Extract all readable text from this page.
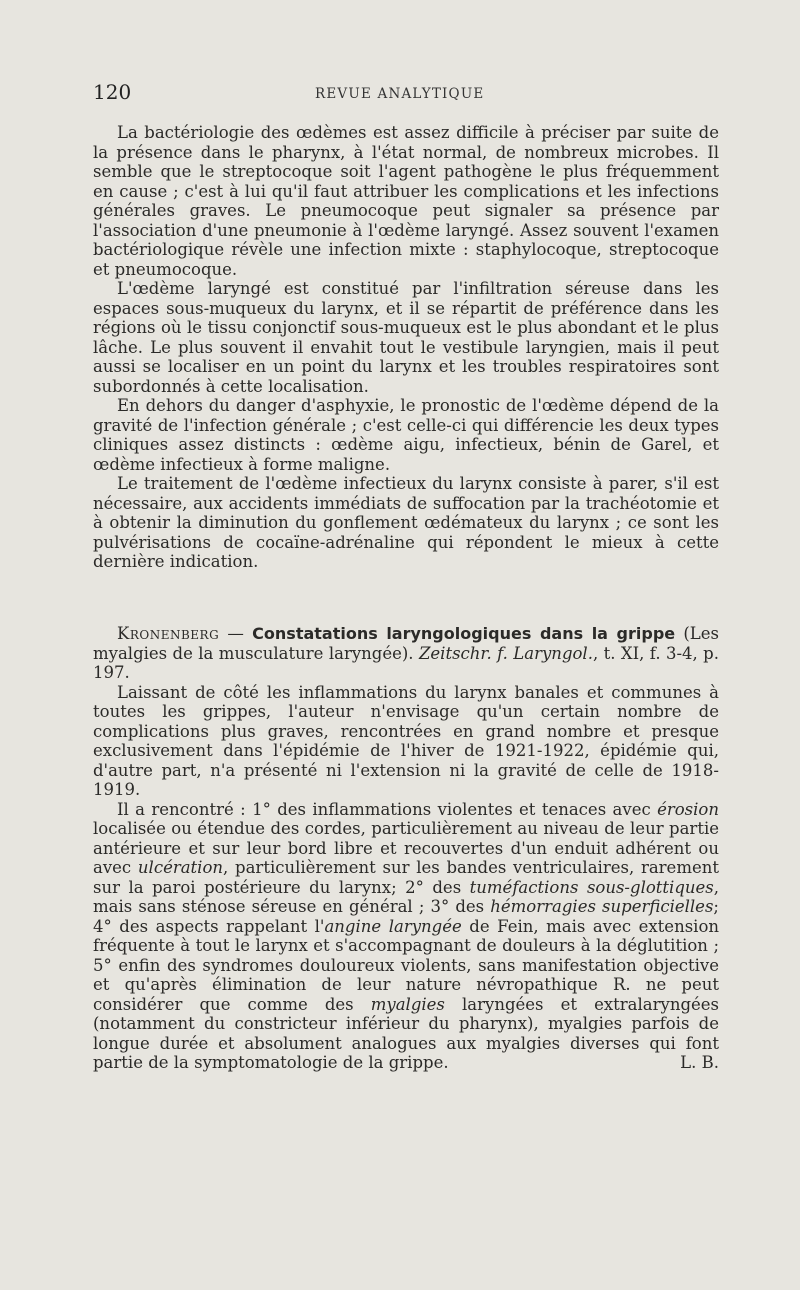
120	REVUE ANALYTIQUE

La bactériologie des œdèmes est assez difficile à préciser par suite de la présence dans le pharynx, à l'état normal, de nombreux microbes. Il semble que le streptocoque soit l'agent pathogène le plus fréquemment en cause ; c'est à lui qu'il faut attribuer les complications et les infections générales graves. Le pneumocoque peut signaler sa présence par l'association d'une pneumonie à l'œdème laryngé. Assez souvent l'examen bactériologique révèle une infection mixte : staphylocoque, streptocoque et pneumocoque.

L'œdème laryngé est constitué par l'infiltration séreuse dans les espaces sous-muqueux du larynx, et il se répartit de préférence dans les régions où le tissu conjonctif sous-muqueux est le plus abondant et le plus lâche. Le plus souvent il envahit tout le vestibule laryngien, mais il peut aussi se localiser en un point du larynx et les troubles respiratoires sont subordonnés à cette localisation.

En dehors du danger d'asphyxie, le pronostic de l'œdème dépend de la gravité de l'infection générale ; c'est celle-ci qui différencie les deux types cliniques assez distincts : œdème aigu, infectieux, bénin de Garel, et œdème infectieux à forme maligne.

Le traitement de l'œdème infectieux du larynx consiste à parer, s'il est nécessaire, aux accidents immédiats de suffocation par la trachéotomie et à obtenir la diminution du gonflement œdémateux du larynx ; ce sont les pulvérisations de cocaïne-adrénaline qui répondent le mieux à cette dernière indication.

Kronenberg — Constatations laryngologiques dans la grippe (Les myalgies de la musculature laryngée). Zeitschr. f. Laryngol., t. XI, f. 3-4, p. 197.

Laissant de côté les inflammations du larynx banales et communes à toutes les grippes, l'auteur n'envisage qu'un certain nombre de complications plus graves, rencontrées en grand nombre et presque exclusivement dans l'épidémie de l'hiver de 1921-1922, épidémie qui, d'autre part, n'a présenté ni l'extension ni la gravité de celle de 1918-1919.

Il a rencontré : 1° des inflammations violentes et tenaces avec érosion localisée ou étendue des cordes, particulièrement au niveau de leur partie antérieure et sur leur bord libre et recouvertes d'un enduit adhérent ou avec ulcération, particulièrement sur les bandes ventriculaires, rarement sur la paroi postérieure du larynx; 2° des tuméfactions sous-glottiques, mais sans sténose séreuse en général ; 3° des hémorragies superficielles; 4° des aspects rappelant l'angine laryngée de Fein, mais avec extension fréquente à tout le larynx et s'accompagnant de douleurs à la déglutition ; 5° enfin des syndromes douloureux violents, sans manifestation objective et qu'après élimination de leur nature névropathique R. ne peut considérer que comme des myalgies laryngées et extralaryngées (notamment du constricteur inférieur du pharynx), myalgies parfois de longue durée et absolument analogues aux myalgies diverses qui font partie de la symptomatologie de la grippe.	L. B.
